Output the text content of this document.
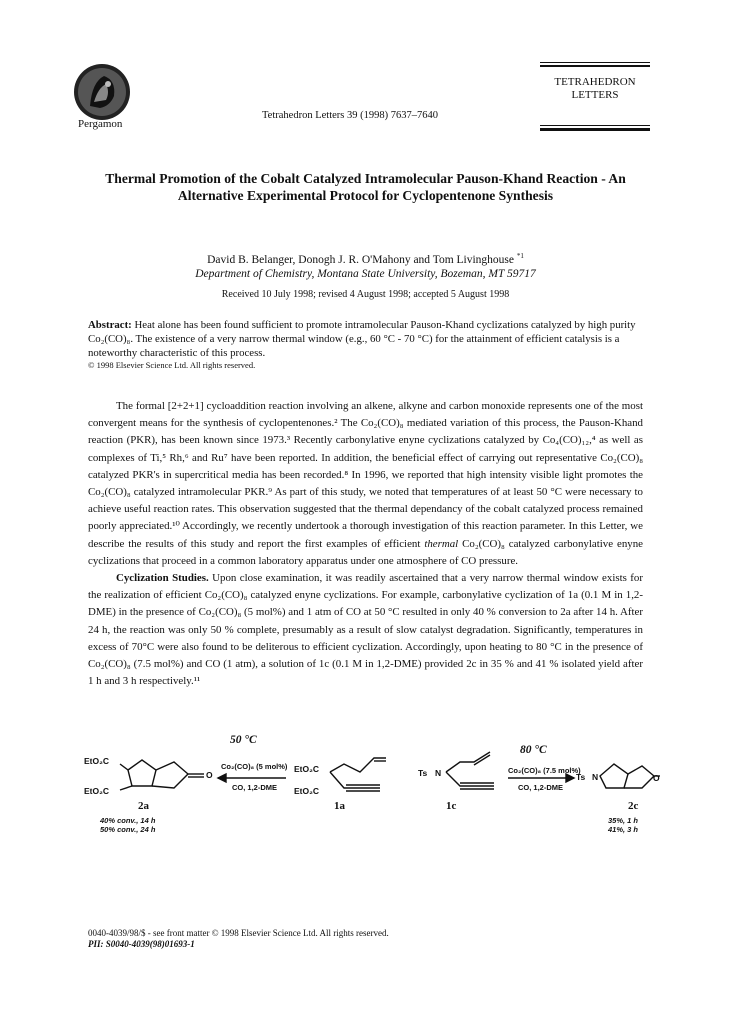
Pergamon
Tetrahedron Letters 39 (1998) 7637–7640
TETRAHEDRON
LETTERS
Thermal Promotion of the Cobalt Catalyzed Intramolecular Pauson-Khand Reaction - An
Alternative Experimental Protocol for Cyclopentenone Synthesis
David B. Belanger, Donogh J. R. O'Mahony and Tom Livinghouse $^{*1}$
Department of Chemistry, Montana State University, Bozeman, MT 59717
Received 10 July 1998; revised 4 August 1998; accepted 5 August 1998
Abstract: Heat alone has been found sufficient to promote intramolecular Pauson-Khand cyclizations catalyzed by high purity Co₂(CO)₈. The existence of a very narrow thermal window (e.g., 60 °C - 70 °C) for the attainment of efficient catalysis is a noteworthy characteristic of this process.
© 1998 Elsevier Science Ltd. All rights reserved.

The formal [2+2+1] cycloaddition reaction involving an alkene, alkyne and carbon monoxide represents one of the most convergent means for the synthesis of cyclopentenones.² The Co₂(CO)₈ mediated variation of this process, the Pauson-Khand reaction (PKR), has been known since 1973.³ Recently carbonylative enyne cyclizations catalyzed by Co₄(CO)₁₂,⁴ as well as complexes of Ti,⁵ Rh,⁶ and Ru⁷ have been reported. In addition, the beneficial effect of carrying out representative Co₂(CO)₈ catalyzed PKR's in supercritical media has been recorded.⁸ In 1996, we reported that high intensity visible light promotes the Co₂(CO)₈ catalyzed intramolecular PKR.⁹ As part of this study, we noted that temperatures of at least 50 °C were necessary to achieve useful reaction rates. This observation suggested that the thermal dependancy of the cobalt catalyzed process remained poorly appreciated.¹⁰ Accordingly, we recently undertook a thorough investigation of this reaction parameter. In this Letter, we describe the results of this study and report the first examples of efficient thermal Co₂(CO)₈ catalyzed carbonylative enyne cyclizations that proceed in a common laboratory apparatus under one atmosphere of CO pressure.

Cyclization Studies. Upon close examination, it was readily ascertained that a very narrow thermal window exists for the realization of efficient Co₂(CO)₈ catalyzed enyne cyclizations. For example, carbonylative cyclization of 1a (0.1 M in 1,2-DME) in the presence of Co₂(CO)₈ (5 mol%) and 1 atm of CO at 50 °C resulted in only 40 % conversion to 2a after 14 h. After 24 h, the reaction was only 50 % complete, presumably as a result of slow catalyst degradation. Significantly, temperatures in excess of 70°C were also found to be deliterous to efficient cyclization. Accordingly, upon heating to 80 °C in the presence of Co₂(CO)₈ (7.5 mol%) and CO (1 atm), a solution of 1c (0.1 M in 1,2-DME) provided 2c in 35 % and 41 % isolated yield after 1 h and 3 h respectively.¹¹

50 °C
Co₂(CO)₈ (5 mol%)
CO, 1,2-DME
80 °C
Co₂(CO)₈ (7.5 mol%)
CO, 1,2-DME
EtO₂C
EtO₂C
O
EtO₂C
EtO₂C
Ts N	Ts N	O
2a	1a	1c	2c
40% conv., 14 h
50% conv., 24 h
35%, 1 h
41%, 3 h
0040-4039/98/$ - see front matter © 1998 Elsevier Science Ltd. All rights reserved.
PII: S0040-4039(98)01693-1
